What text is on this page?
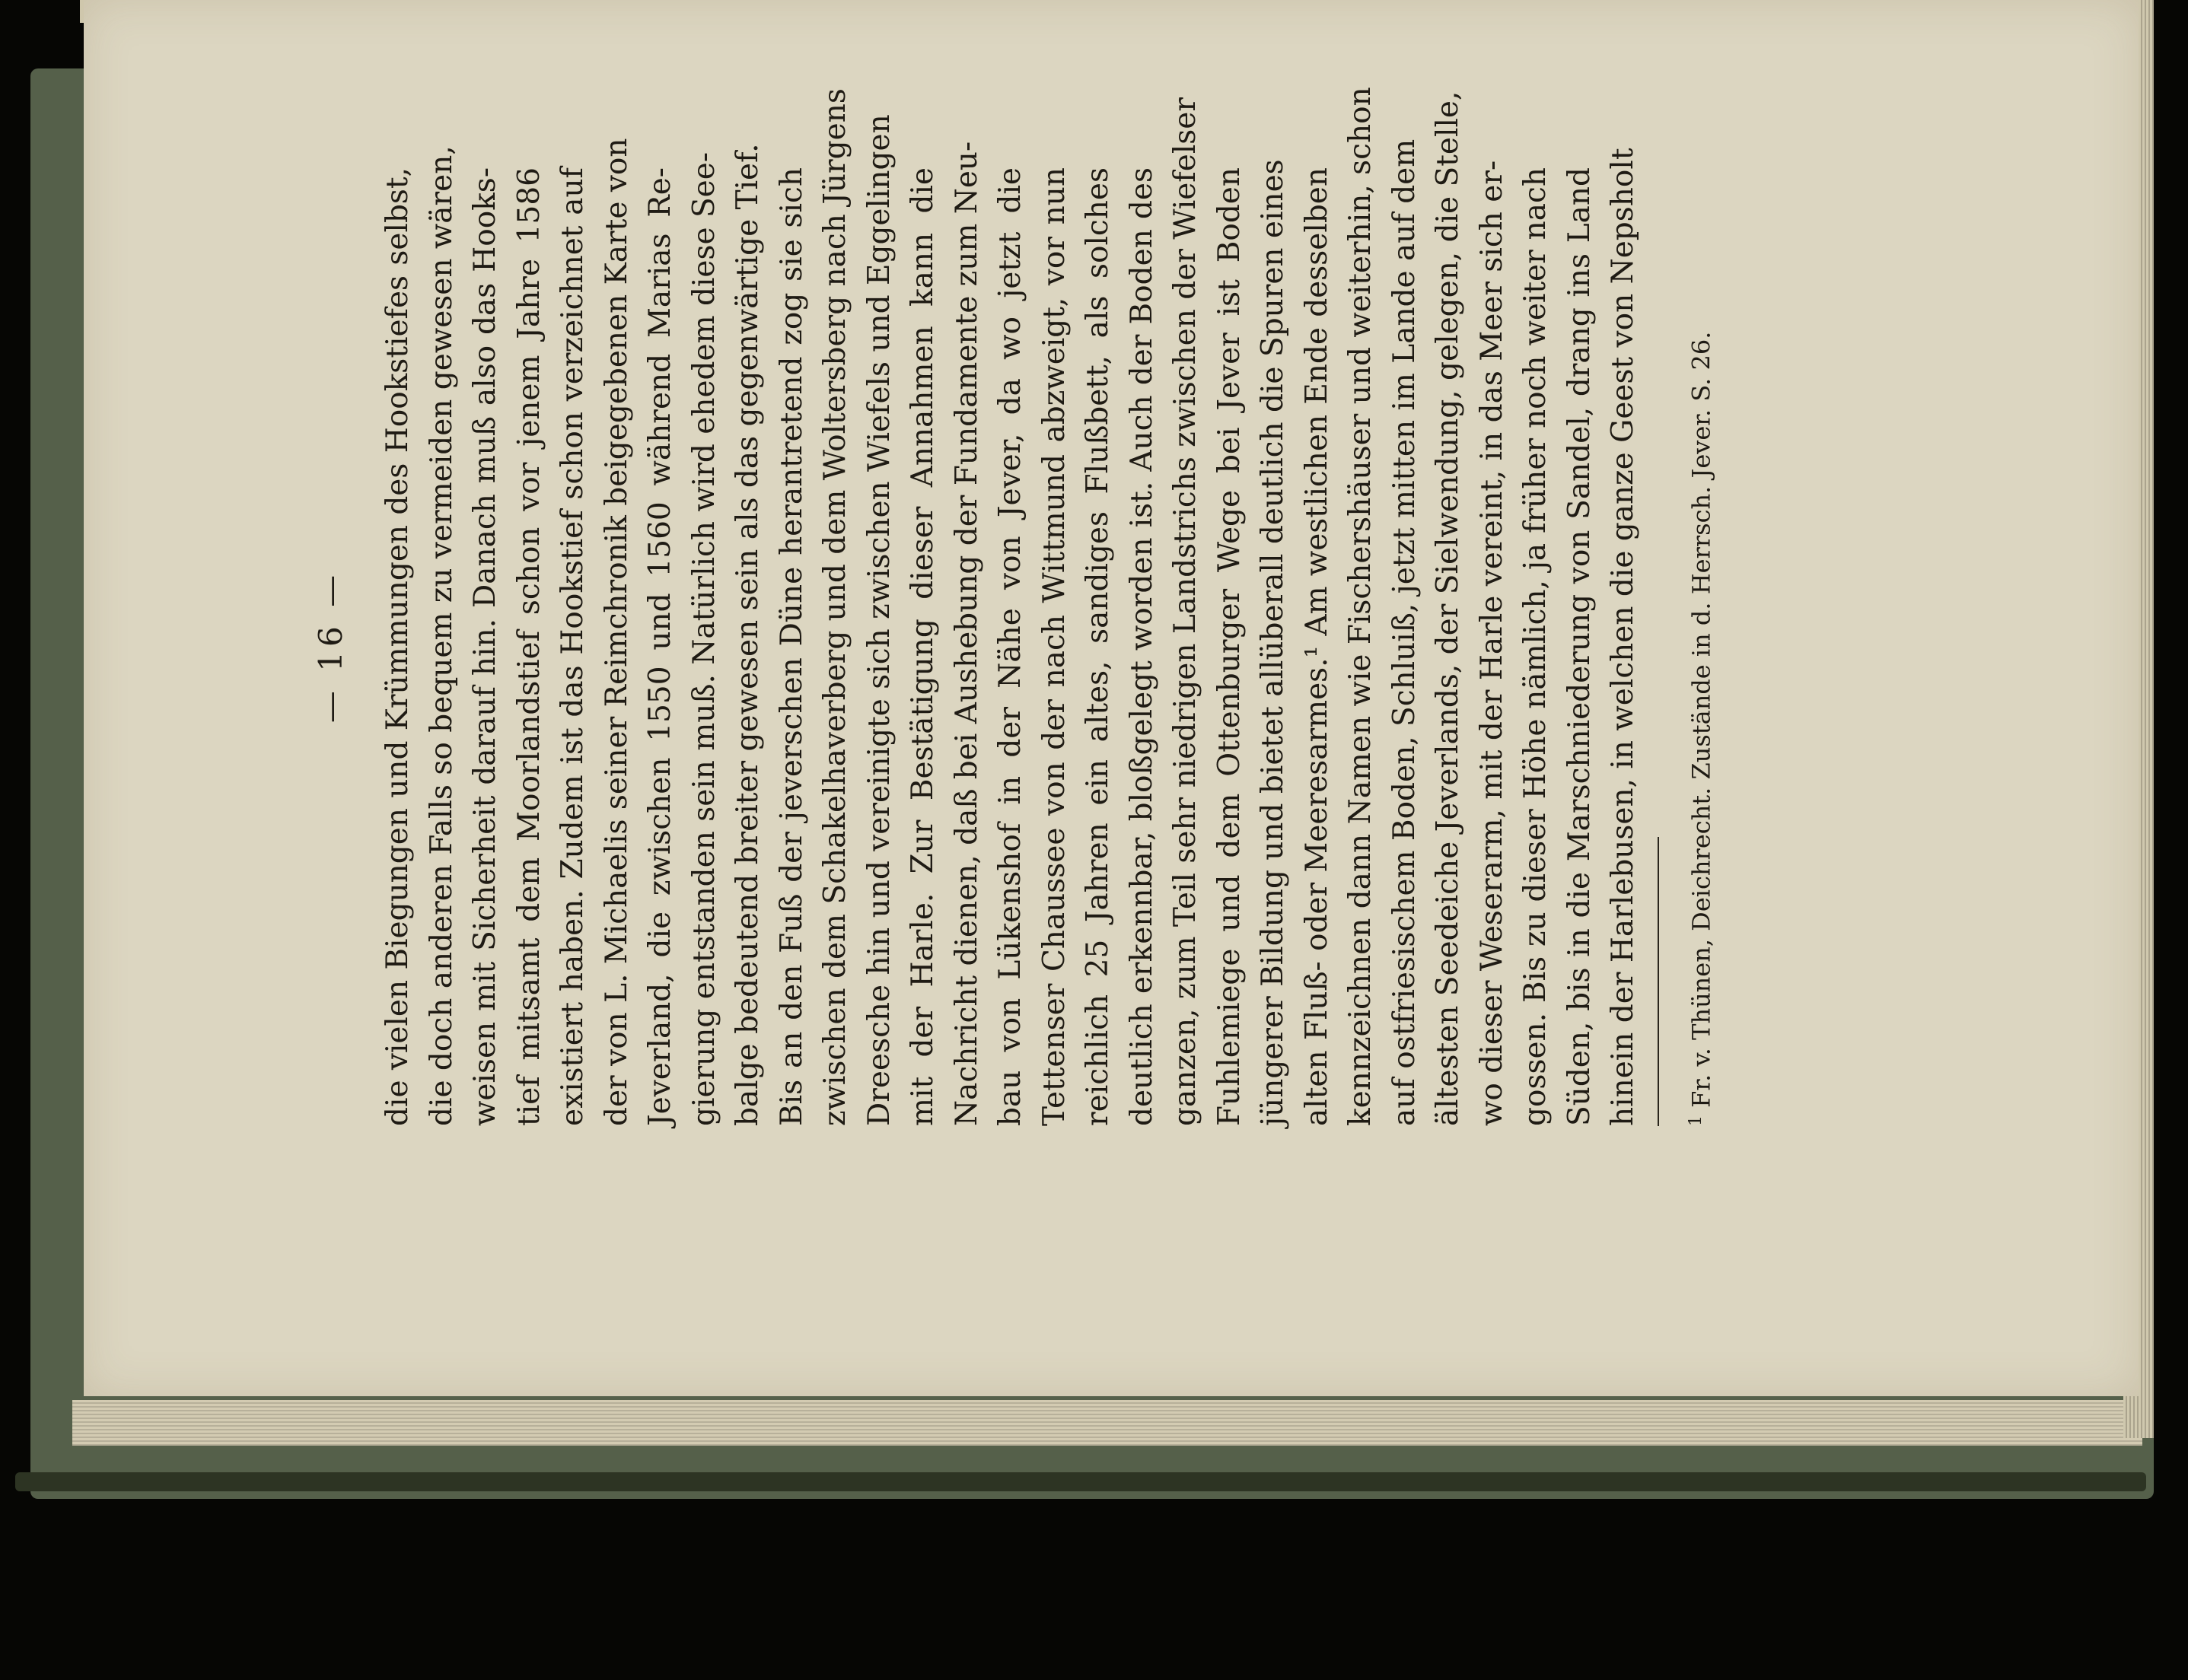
— 16 — die vielen Biegungen und Krümmungen des Hookstiefes selbst, die doch anderen Falls so bequem zu vermeiden gewesen wären, weisen mit Sicherheit darauf hin. Danach muß also das Hooks- tief mitsamt dem Moorlandstief schon vor jenem Jahre 1586 existiert haben. Zudem ist das Hookstief schon verzeichnet auf der von L. Michaelis seiner Reimchronik beigegebenen Karte von Jeverland, die zwischen 1550 und 1560 während Marias Re- gierung entstanden sein muß. Natürlich wird ehedem diese See- balge bedeutend breiter gewesen sein als das gegenwärtige Tief. Bis an den Fuß der jeverschen Düne herantretend zog sie sich zwischen dem Schakelhaverberg und dem Woltersberg nach Jürgens Dreesche hin und vereinigte sich zwischen Wiefels und Eggelingen mit der Harle. Zur Bestätigung dieser Annahmen kann die Nachricht dienen, daß bei Aushebung der Fundamente zum Neu- bau von Lükenshof in der Nähe von Jever, da wo jetzt die Tettenser Chaussee von der nach Wittmund abzweigt, vor nun reichlich 25 Jahren ein altes, sandiges Flußbett, als solches deutlich erkennbar, bloßgelegt worden ist. Auch der Boden des ganzen, zum Teil sehr niedrigen Landstrichs zwischen der Wiefelser Fuhlemiege und dem Ottenburger Wege bei Jever ist Boden jüngerer Bildung und bietet allüberall deutlich die Spuren eines alten Fluß- oder Meeresarmes.¹ Am westlichen Ende desselben kennzeichnen dann Namen wie Fischershäuser und weiterhin, schon auf ostfriesischem Boden, Schluiß, jetzt mitten im Lande auf dem ältesten Seedeiche Jeverlands, der Sielwendung, gelegen, die Stelle, wo dieser Weserarm, mit der Harle vereint, in das Meer sich er- gossen. Bis zu dieser Höhe nämlich, ja früher noch weiter nach Süden, bis in die Marschniederung von Sandel, drang ins Land hinein der Harlebusen, in welchen die ganze Geest von Nepsholt	$^1$ Fr. v. Thünen, Deichrecht. Zustände in d. Herrsch. Jever. S. 26.
